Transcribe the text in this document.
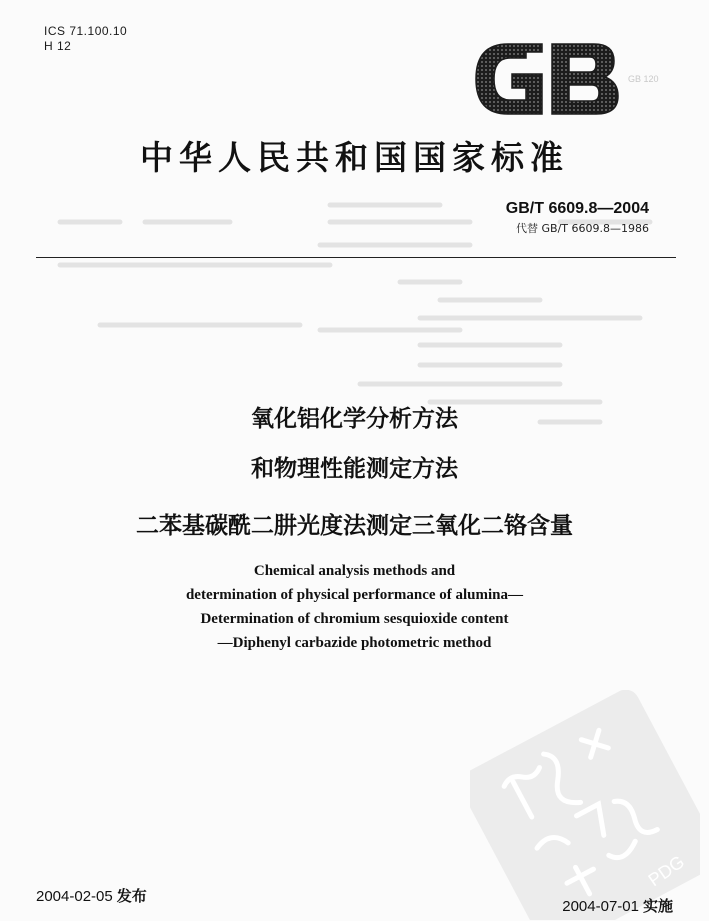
ICS 71.100.10
H 12
GB 120
中华人民共和国国家标准
GB/T 6609.8—2004
代替 GB/T 6609.8—1986
氧化铝化学分析方法
和物理性能测定方法
二苯基碳酰二肼光度法测定三氧化二铬含量
Chemical analysis methods and
determination of physical performance of alumina—
Determination of chromium sesquioxide content
—Diphenyl carbazide photometric method
PDG
2004-02-05 发布
2004-07-01 实施
